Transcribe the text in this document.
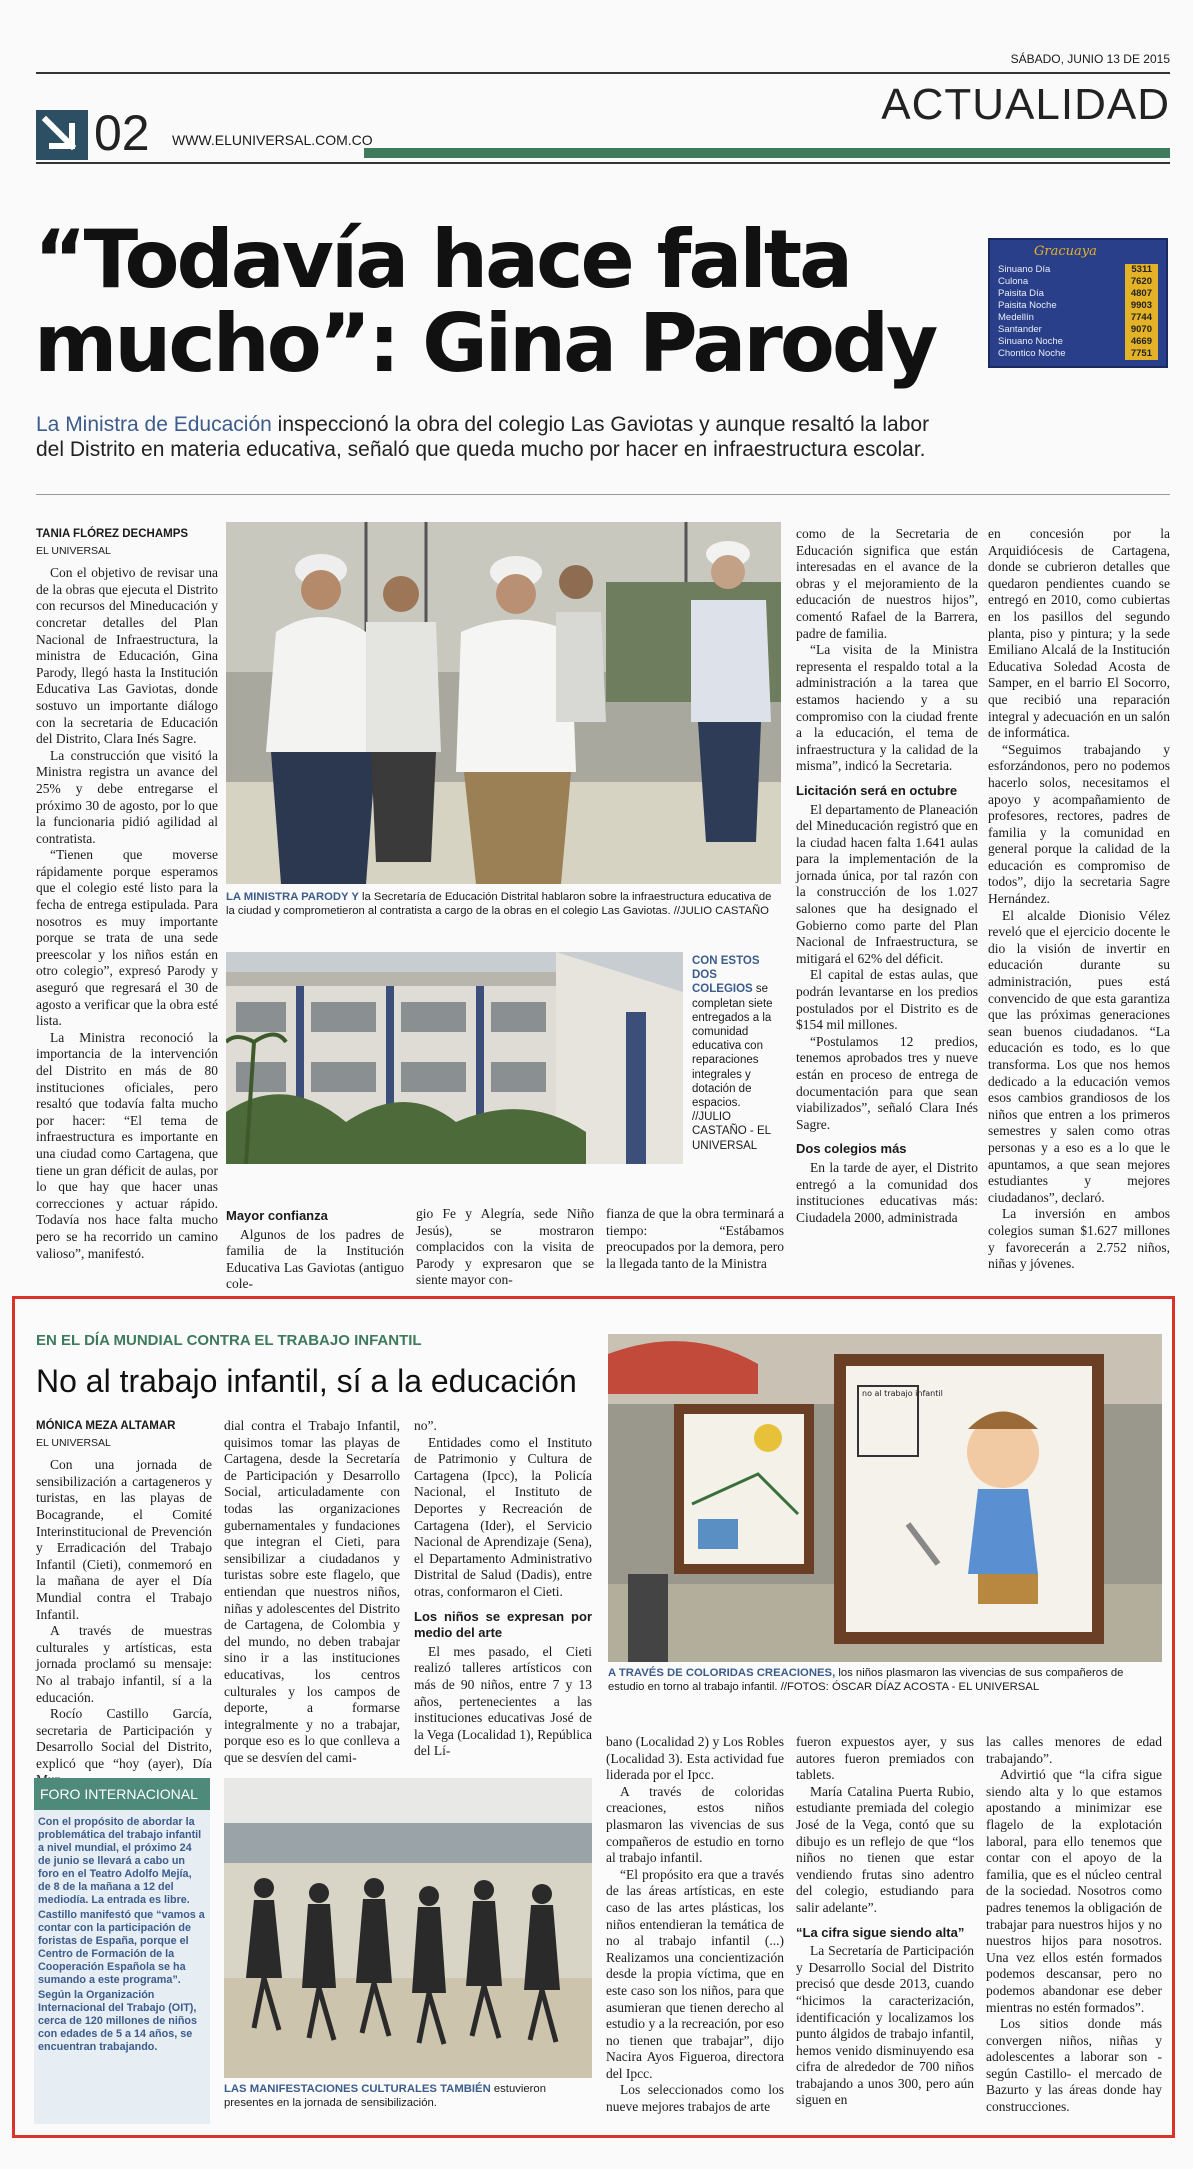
SÁBADO, JUNIO 13 DE 2015
ACTUALIDAD
02 WWW.ELUNIVERSAL.COM.CO
“Todavía hace falta
mucho”: Gina Parody
Gracuaya
Sinuano Día	5311
Culona	7620
Paisita Día	4807
Paisita Noche	9903
Medellín	7744
Santander	9070
Sinuano Noche	4669
Chontico Noche	7751
La Ministra de Educación inspeccionó la obra del colegio Las Gaviotas y aunque resaltó la labor
del Distrito en materia educativa, señaló que queda mucho por hacer en infraestructura escolar.
TANIA FLÓREZ DECHAMPS
EL UNIVERSAL

Con el objetivo de revisar una de la obras que ejecuta el Distrito con recursos del Mineducación y concretar detalles del Plan Nacional de Infraestructura, la ministra de Educación, Gina Parody, llegó hasta la Institución Educativa Las Gaviotas, donde sostuvo un importante diálogo con la secretaria de Educación del Distrito, Clara Inés Sagre.

La construcción que visitó la Ministra registra un avance del 25% y debe entregarse el próximo 30 de agosto, por lo que la funcionaria pidió agilidad al contratista.

“Tienen que moverse rápidamente porque esperamos que el colegio esté listo para la fecha de entrega estipulada. Para nosotros es muy importante porque se trata de una sede preescolar y los niños están en otro colegio”, expresó Parody y aseguró que regresará el 30 de agosto a verificar que la obra esté lista.

La Ministra reconoció la importancia de la intervención del Distrito en más de 80 instituciones oficiales, pero resaltó que todavía falta mucho por hacer: “El tema de infraestructura es importante en una ciudad como Cartagena, que tiene un gran déficit de aulas, por lo que hay que hacer unas correcciones y actuar rápido. Todavía nos hace falta mucho pero se ha recorrido un camino valioso”, manifestó.

LA MINISTRA PARODY Y la Secretaría de Educación Distrital hablaron sobre la infraestructura educativa de la ciudad y comprometieron al contratista a cargo de la obras en el colegio Las Gaviotas. //JULIO CASTAÑO
CON ESTOS DOS COLEGIOS se completan siete entregados a la comunidad educativa con reparaciones integrales y dotación de espacios. //JULIO CASTAÑO - EL UNIVERSAL
Mayor confianza

Algunos de los padres de familia de la Institución Educativa Las Gaviotas (antiguo cole-

gio Fe y Alegría, sede Niño Jesús), se mostraron complacidos con la visita de Parody y expresaron que se siente mayor con-

fianza de que la obra terminará a tiempo: “Estábamos preocupados por la demora, pero la llegada tanto de la Ministra

como de la Secretaria de Educación significa que están interesadas en el avance de la obras y el mejoramiento de la educación de nuestros hijos”, comentó Rafael de la Barrera, padre de familia.

“La visita de la Ministra representa el respaldo total a la administración a la tarea que estamos haciendo y a su compromiso con la ciudad frente a la educación, el tema de infraestructura y la calidad de la misma”, indicó la Secretaria.

Licitación será en octubre

El departamento de Planeación del Mineducación registró que en la ciudad hacen falta 1.641 aulas para la implementación de la jornada única, por tal razón con la construcción de los 1.027 salones que ha designado el Gobierno como parte del Plan Nacional de Infraestructura, se mitigará el 62% del déficit.

El capital de estas aulas, que podrán levantarse en los predios postulados por el Distrito es de $154 mil millones.

“Postulamos 12 predios, tenemos aprobados tres y nueve están en proceso de entrega de documentación para que sean viabilizados”, señaló Clara Inés Sagre.

Dos colegios más

En la tarde de ayer, el Distrito entregó a la comunidad dos instituciones educativas más: Ciudadela 2000, administrada

en concesión por la Arquidiócesis de Cartagena, donde se cubrieron detalles que quedaron pendientes cuando se entregó en 2010, como cubiertas en los pasillos del segundo planta, piso y pintura; y la sede Emiliano Alcalá de la Institución Educativa Soledad Acosta de Samper, en el barrio El Socorro, que recibió una reparación integral y adecuación en un salón de informática.

“Seguimos trabajando y esforzándonos, pero no podemos hacerlo solos, necesitamos el apoyo y acompañamiento de profesores, rectores, padres de familia y la comunidad en general porque la calidad de la educación es compromiso de todos”, dijo la secretaria Sagre Hernández.

El alcalde Dionisio Vélez reveló que el ejercicio docente le dio la visión de invertir en educación durante su administración, pues está convencido de que esta garantiza que las próximas generaciones sean buenos ciudadanos. “La educación es todo, es lo que transforma. Los que nos hemos dedicado a la educación vemos esos cambios grandiosos de los niños que entren a los primeros semestres y salen como otras personas y a eso es a lo que le apuntamos, a que sean mejores estudiantes y mejores ciudadanos”, declaró.

La inversión en ambos colegios suman $1.627 millones y favorecerán a 2.752 niños, niñas y jóvenes.

EN EL DÍA MUNDIAL CONTRA EL TRABAJO INFANTIL
No al trabajo infantil, sí a la educación
MÓNICA MEZA ALTAMAR
EL UNIVERSAL

Con una jornada de sensibilización a cartageneros y turistas, en las playas de Bocagrande, el Comité Interinstitucional de Prevención y Erradicación del Trabajo Infantil (Cieti), conmemoró en la mañana de ayer el Día Mundial contra el Trabajo Infantil.

A través de muestras culturales y artísticas, esta jornada proclamó su mensaje: No al trabajo infantil, sí a la educación.

Rocío Castillo García, secretaria de Participación y Desarrollo Social del Distrito, explicó que “hoy (ayer), Día

dial contra el Trabajo Infantil, quisimos tomar las playas de Cartagena, desde la Secretaría de Participación y Desarrollo Social, articuladamente con todas las organizaciones gubernamentales y fundaciones que integran el Cieti, para sensibilizar a ciudadanos y turistas sobre este flagelo, que entiendan que nuestros niños, niñas y adolescentes del Distrito de Cartagena, de Colombia y del mundo, no deben trabajar sino ir a las instituciones educativas, los centros culturales y los campos de deporte, a formarse integralmente y no a trabajar, porque eso es lo que conlleva a que se desvíen del cami-

no”.

Entidades como el Instituto de Patrimonio y Cultura de Cartagena (Ipcc), la Policía Nacional, el Instituto de Deportes y Recreación de Cartagena (Ider), el Servicio Nacional de Aprendizaje (Sena), el Departamento Administrativo Distrital de Salud (Dadis), entre otras, conformaron el Cieti.

Los niños se expresan por medio del arte

El mes pasado, el Cieti realizó talleres artísticos con más de 90 niños, entre 7 y 13 años, pertenecientes a las instituciones educativas José de la Vega (Localidad 1), República del Lí-

no al trabajo infantil
A TRAVÉS DE COLORIDAS CREACIONES, los niños plasmaron las vivencias de sus compañeros de estudio en torno al trabajo infantil. //FOTOS: ÓSCAR DÍAZ ACOSTA - EL UNIVERSAL
FORO INTERNACIONAL
Con el propósito de abordar la problemática del trabajo infantil a nivel mundial, el próximo 24 de junio se llevará a cabo un foro en el Teatro Adolfo Mejía, de 8 de la mañana a 12 del mediodía. La entrada es libre.
Castillo manifestó que “vamos a contar con la participación de foristas de España, porque el Centro de Formación de la Cooperación Española se ha sumando a este programa”.
Según la Organización Internacional del Trabajo (OIT), cerca de 120 millones de niños con edades de 5 a 14 años, se encuentran trabajando.
LAS MANIFESTACIONES CULTURALES TAMBIÉN estuvieron presentes en la jornada de sensibilización.

bano (Localidad 2) y Los Robles (Localidad 3). Esta actividad fue liderada por el Ipcc.

A través de coloridas creaciones, estos niños plasmaron las vivencias de sus compañeros de estudio en torno al trabajo infantil.

“El propósito era que a través de las áreas artísticas, en este caso de las artes plásticas, los niños entendieran la temática de no al trabajo infantil (...) Realizamos una concientización desde la propia víctima, que en este caso son los niños, para que asumieran que tienen derecho al estudio y a la recreación, por eso no tienen que trabajar”, dijo Nacira Ayos Figueroa, directora del Ipcc.

Los seleccionados como los nueve mejores trabajos de arte

fueron expuestos ayer, y sus autores fueron premiados con tablets.

María Catalina Puerta Rubio, estudiante premiada del colegio José de la Vega, contó que su dibujo es un reflejo de que “los niños no tienen que estar vendiendo frutas sino adentro del colegio, estudiando para salir adelante”.

“La cifra sigue siendo alta”

La Secretaría de Participación y Desarrollo Social del Distrito precisó que desde 2013, cuando “hicimos la caracterización, identificación y localizamos los punto álgidos de trabajo infantil, hemos venido disminuyendo esa cifra de alrededor de 700 niños trabajando a unos 300, pero aún siguen en

las calles menores de edad trabajando”.

Advirtió que “la cifra sigue siendo alta y lo que estamos apostando a minimizar ese flagelo de la explotación laboral, para ello tenemos que contar con el apoyo de la familia, que es el núcleo central de la sociedad. Nosotros como padres tenemos la obligación de trabajar para nuestros hijos y no nuestros hijos para nosotros. Una vez ellos estén formados podemos descansar, pero no podemos abandonar ese deber mientras no estén formados”.

Los sitios donde más convergen niños, niñas y adolescentes a laborar son -según Castillo- el mercado de Bazurto y las áreas donde hay construcciones.
